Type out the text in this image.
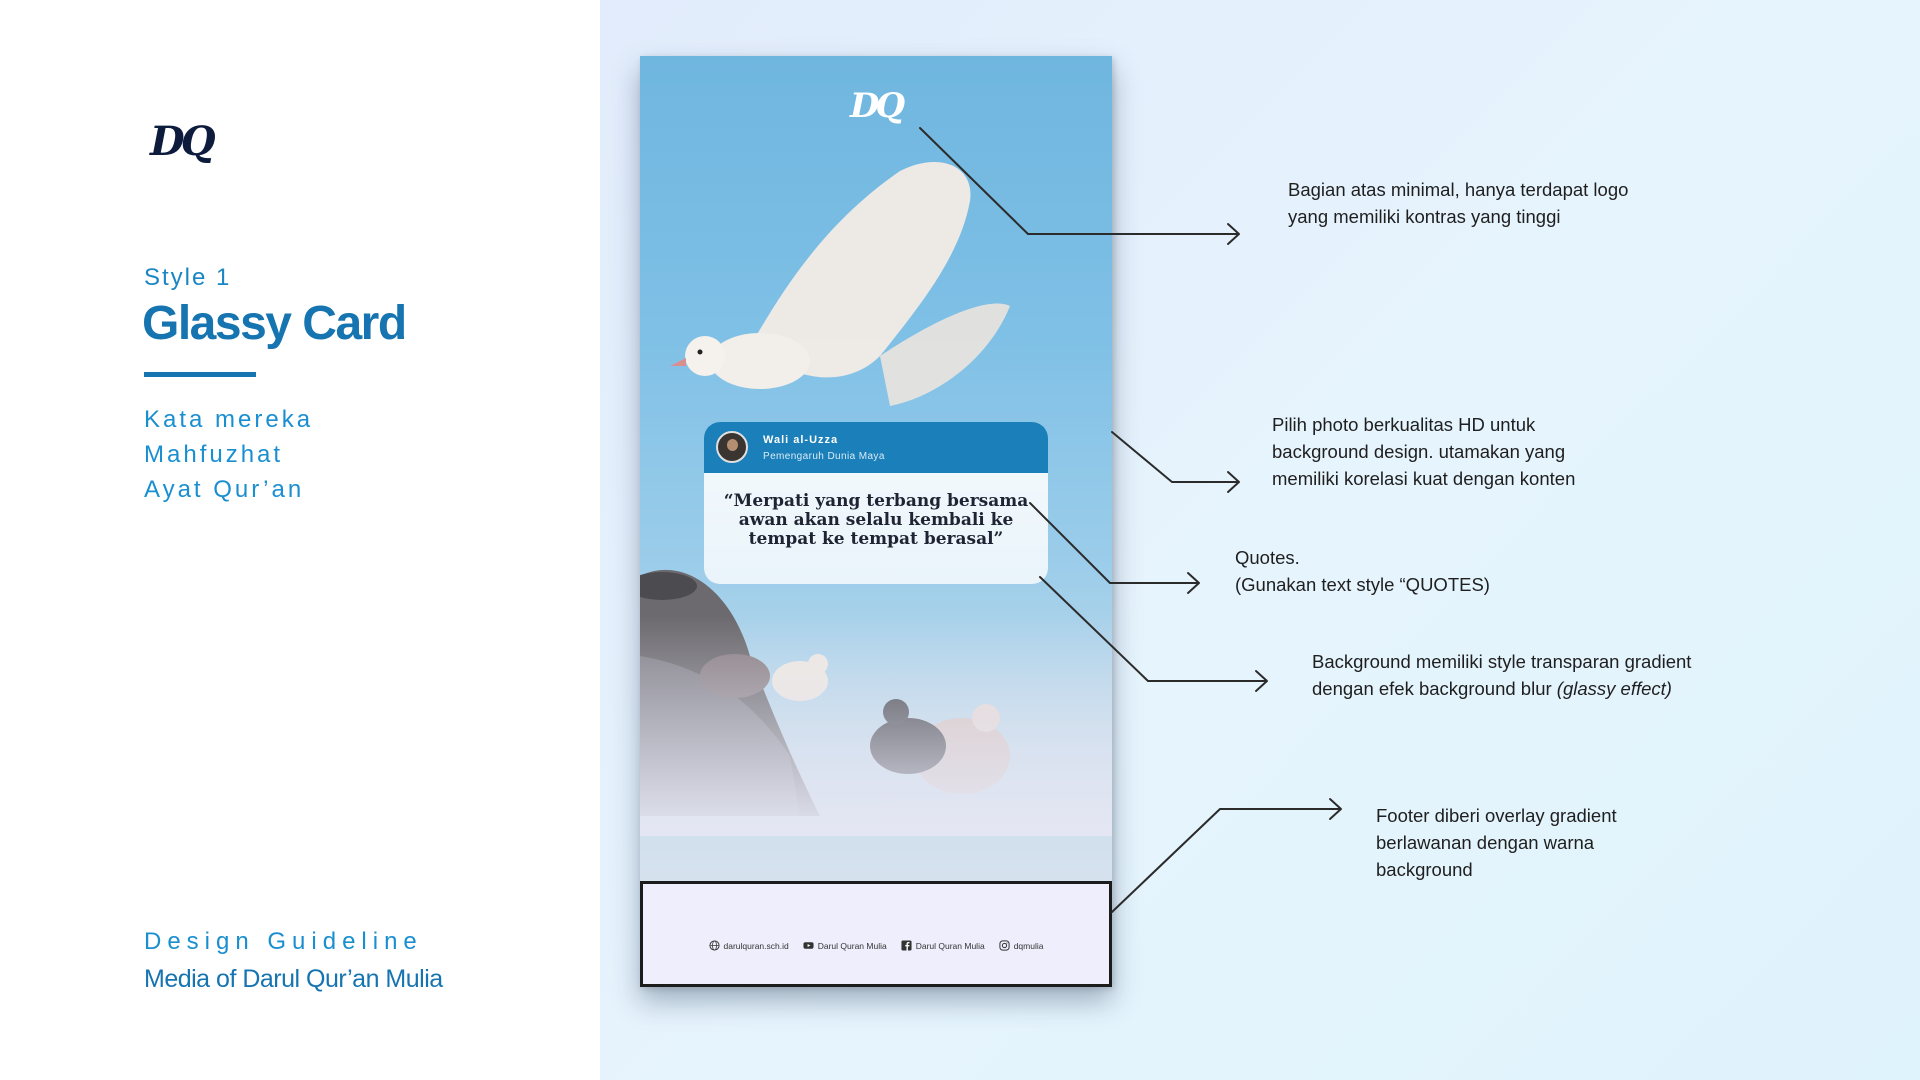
DQ
Style 1
Glassy Card
Kata mereka
Mahfuzhat
Ayat Qur’an
Design Guideline
Media of Darul Qur’an Mulia
DQ
Wali al-Uzza
Pemengaruh Dunia Maya
“Merpati yang terbang bersama awan akan selalu kembali ke tempat ke tempat berasal”
darulquran.sch.id	Darul Quran Mulia	Darul Quran Mulia	dqmulia

Bagian atas minimal, hanya terdapat logo

yang memiliki kontras yang tinggi

Pilih photo berkualitas HD untuk

background design. utamakan yang

memiliki korelasi kuat dengan konten

Quotes.

(Gunakan text style “QUOTES)

Background memiliki style transparan gradient

dengan efek background blur (glassy effect)

Footer diberi overlay gradient

berlawanan dengan warna

background
